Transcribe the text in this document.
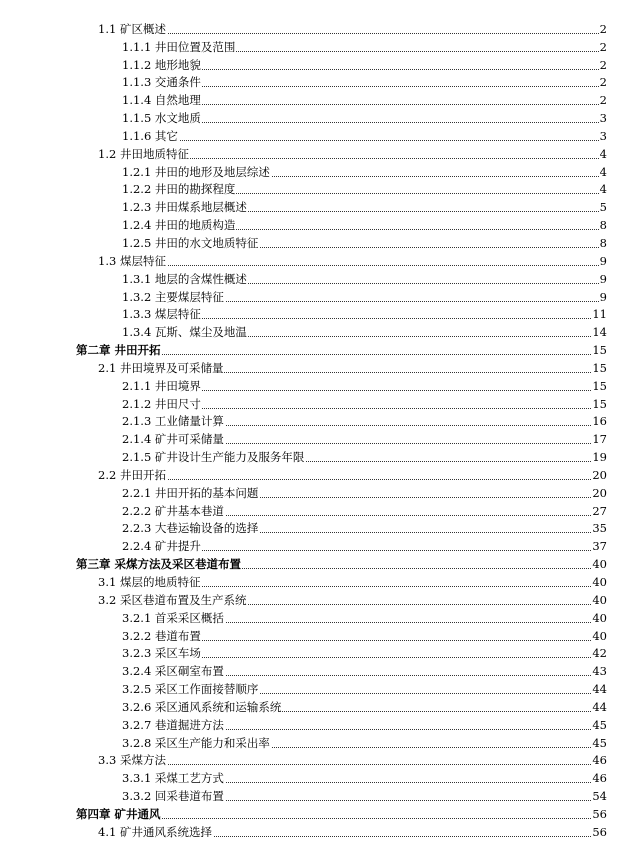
1.1 矿区概述	2
1.1.1 井田位置及范围	2
1.1.2 地形地貌	2
1.1.3 交通条件	2
1.1.4 自然地理	2
1.1.5 水文地质	3
1.1.6 其它	3
1.2 井田地质特征	4
1.2.1 井田的地形及地层综述	4
1.2.2 井田的勘探程度	4
1.2.3 井田煤系地层概述	5
1.2.4 井田的地质构造	8
1.2.5 井田的水文地质特征	8
1.3 煤层特征	9
1.3.1 地层的含煤性概述	9
1.3.2 主要煤层特征	9
1.3.3 煤层特征	11
1.3.4 瓦斯、煤尘及地温	14
第二章 井田开拓	15
2.1 井田境界及可采储量	15
2.1.1 井田境界	15
2.1.2 井田尺寸	15
2.1.3 工业储量计算	16
2.1.4 矿井可采储量	17
2.1.5 矿井设计生产能力及服务年限	19
2.2 井田开拓	20
2.2.1 井田开拓的基本问题	20
2.2.2 矿井基本巷道	27
2.2.3 大巷运输设备的选择	35
2.2.4 矿井提升	37
第三章 采煤方法及采区巷道布置	40
3.1 煤层的地质特征	40
3.2 采区巷道布置及生产系统	40
3.2.1 首采采区概括	40
3.2.2 巷道布置	40
3.2.3 采区车场	42
3.2.4 采区硐室布置	43
3.2.5 采区工作面接替顺序	44
3.2.6 采区通风系统和运输系统	44
3.2.7 巷道掘进方法	45
3.2.8 采区生产能力和采出率	45
3.3 采煤方法	46
3.3.1 采煤工艺方式	46
3.3.2 回采巷道布置	54
第四章 矿井通风	56
4.1 矿井通风系统选择	56
